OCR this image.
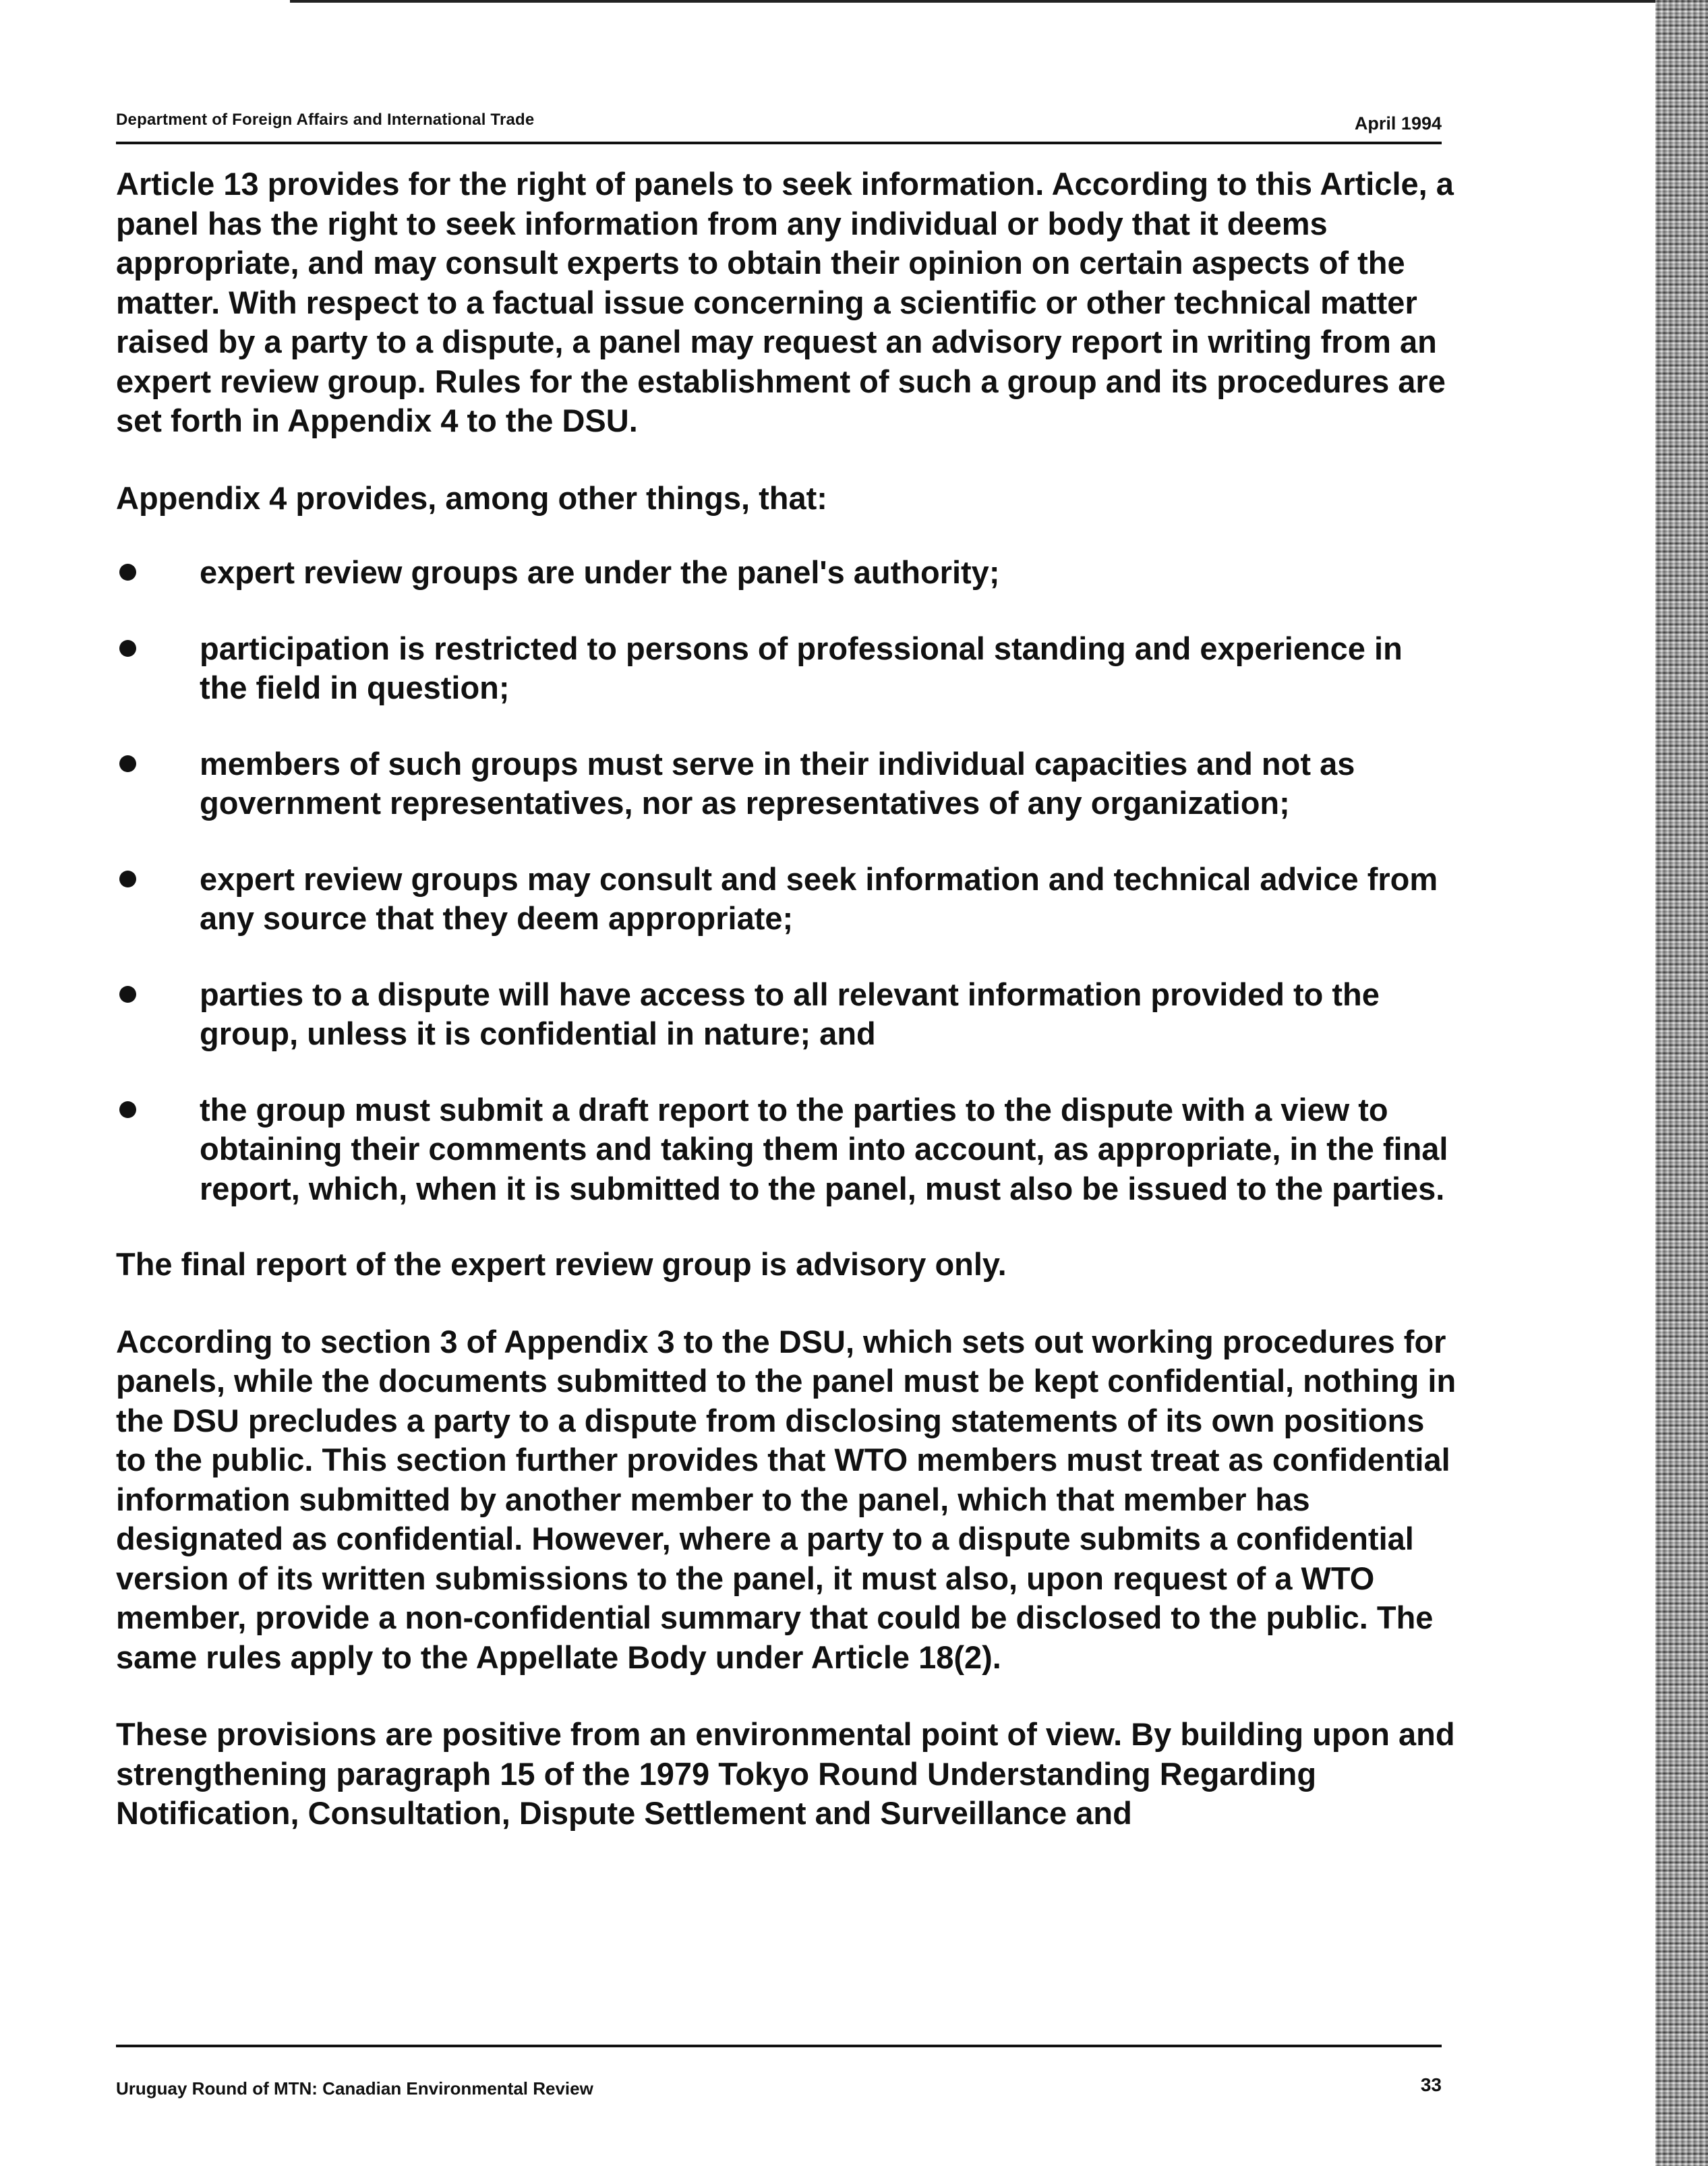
Department of Foreign Affairs and International Trade	April 1994

Article 13 provides for the right of panels to seek information. According to this Article, a panel has the right to seek information from any individual or body that it deems appropriate, and may consult experts to obtain their opinion on certain aspects of the matter. With respect to a factual issue concerning a scientific or other technical matter raised by a party to a dispute, a panel may request an advisory report in writing from an expert review group. Rules for the establishment of such a group and its procedures are set forth in Appendix 4 to the DSU.

Appendix 4 provides, among other things, that:

expert review groups are under the panel's authority;
participation is restricted to persons of professional standing and experience in the field in question;
members of such groups must serve in their individual capacities and not as government representatives, nor as representatives of any organization;
expert review groups may consult and seek information and technical advice from any source that they deem appropriate;
parties to a dispute will have access to all relevant information provided to the group, unless it is confidential in nature; and
the group must submit a draft report to the parties to the dispute with a view to obtaining their comments and taking them into account, as appropriate, in the final report, which, when it is submitted to the panel, must also be issued to the parties.

The final report of the expert review group is advisory only.

According to section 3 of Appendix 3 to the DSU, which sets out working procedures for panels, while the documents submitted to the panel must be kept confidential, nothing in the DSU precludes a party to a dispute from disclosing statements of its own positions to the public. This section further provides that WTO members must treat as confidential information submitted by another member to the panel, which that member has designated as confidential. However, where a party to a dispute submits a confidential version of its written submissions to the panel, it must also, upon request of a WTO member, provide a non-confidential summary that could be disclosed to the public. The same rules apply to the Appellate Body under Article 18(2).

These provisions are positive from an environmental point of view. By building upon and strengthening paragraph 15 of the 1979 Tokyo Round Understanding Regarding Notification, Consultation, Dispute Settlement and Surveillance and

Uruguay Round of MTN: Canadian Environmental Review	33
